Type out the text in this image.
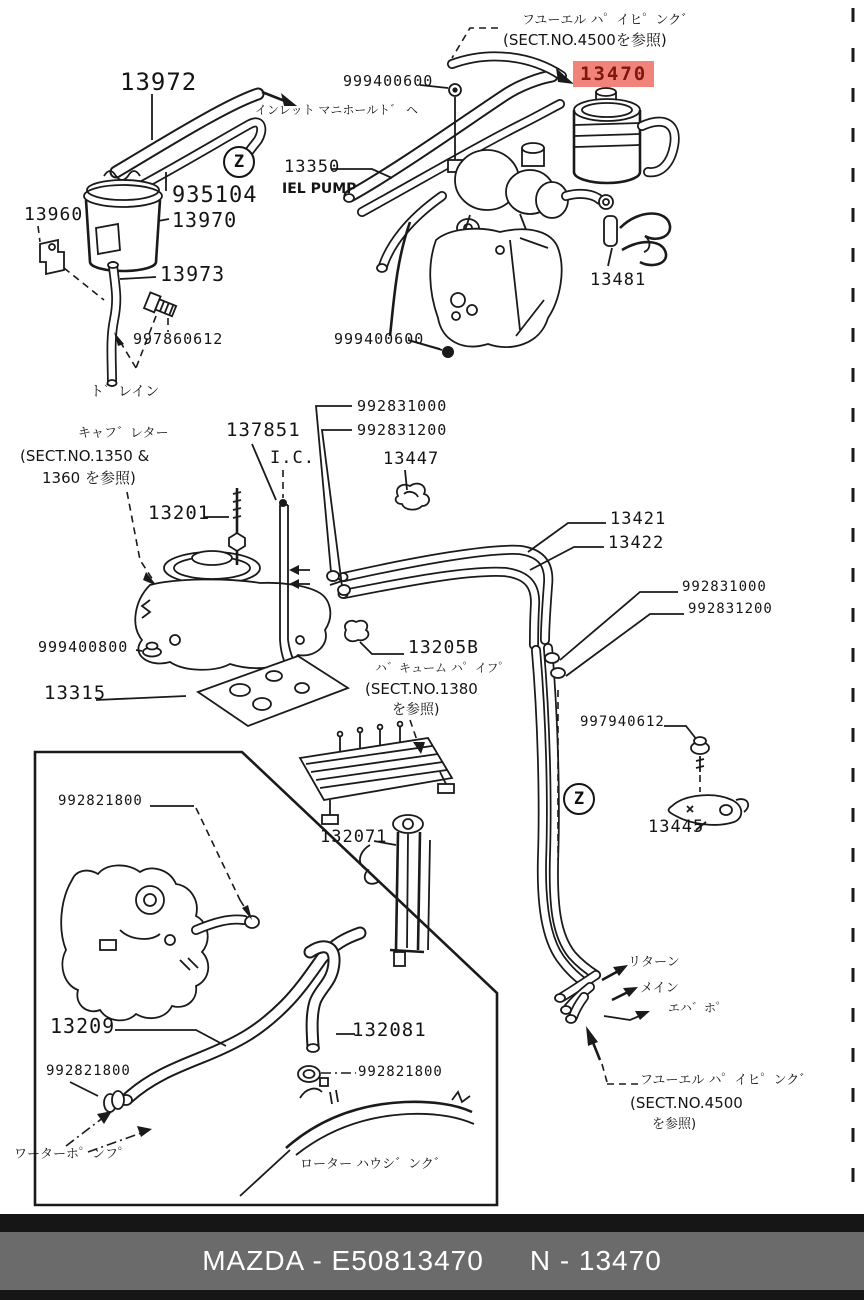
フユーエル ハ゜イヒ゜ンク゛
(SECT.NO.4500を参照)
13470
13972	999400600
インレット マニホールト゛ ヘ
Z
935104
13350
IEL PUMP
13960	13970
13973
997860612	999400600
13481
ト゛レイン
992831000
992831200
キャフ゛レター
(SECT.NO.1350 &
1360 を参照)
137851
I.C.	13447
13201	13421
13422
992831000
992831200
999400800
13315
13205B
ハ゛キューム ハ゜イフ゜
(SECT.NO.1380
を参照)
997940612
Z
13445
132071
992821800
13209
992821800
132081
992821800
ワーターホ゜ンフ゜
ローター ハウシ゛ンク゛
リターン
メイン
エハ゛ホ゜
フユーエル ハ゜イヒ゜ンク゛
(SECT.NO.4500
を参照)
MAZDA - E50813470 N - 13470
